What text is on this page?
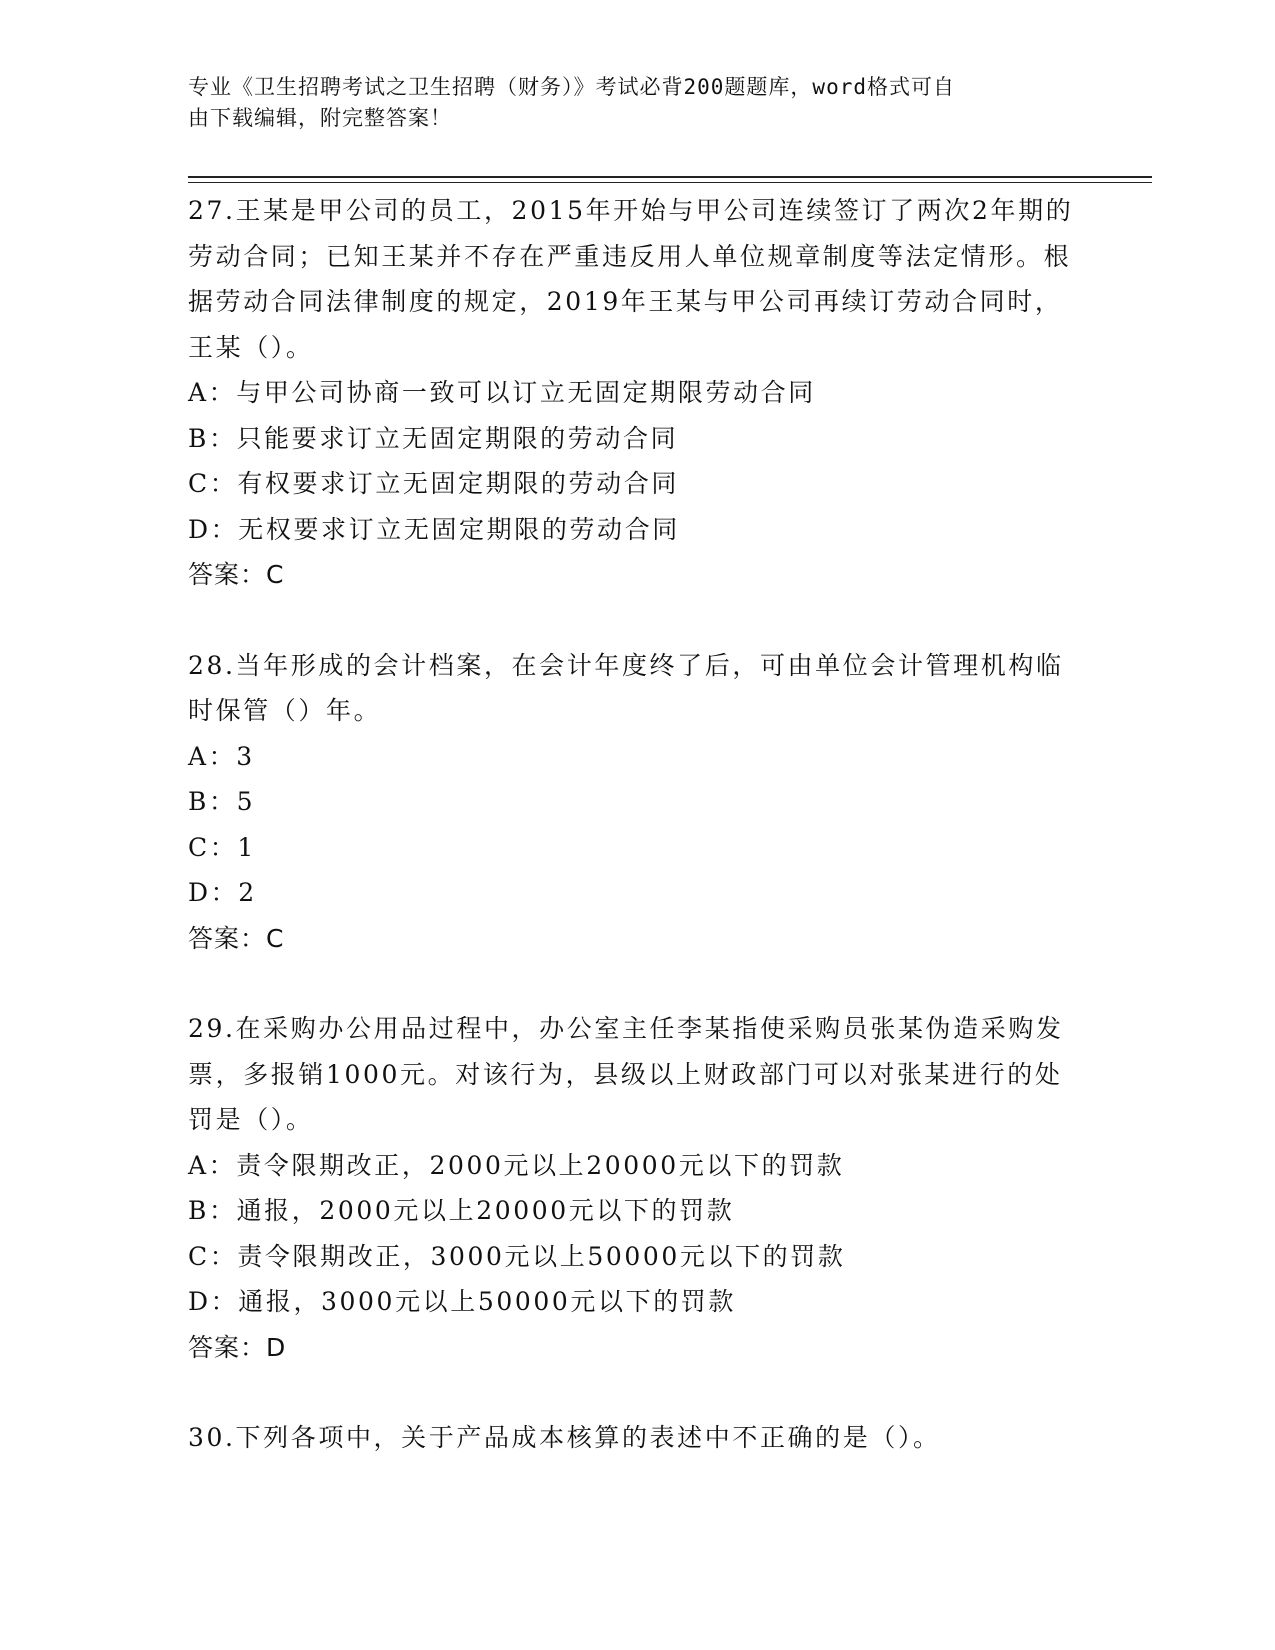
专业《卫生招聘考试之卫生招聘（财务）》考试必背200题题库，word格式可自
由下载编辑，附完整答案！
27.王某是甲公司的员工，2015年开始与甲公司连续签订了两次2年期的劳动合同；已知王某并不存在严重违反用人单位规章制度等法定情形。根据劳动合同法律制度的规定，2019年王某与甲公司再续订劳动合同时，王某（）。
A：与甲公司协商一致可以订立无固定期限劳动合同
B：只能要求订立无固定期限的劳动合同
C：有权要求订立无固定期限的劳动合同
D：无权要求订立无固定期限的劳动合同
答案：C
28.当年形成的会计档案，在会计年度终了后，可由单位会计管理机构临时保管（）年。
A：3
B：5
C：1
D：2
答案：C
29.在采购办公用品过程中，办公室主任李某指使采购员张某伪造采购发票，多报销1000元。对该行为，县级以上财政部门可以对张某进行的处罚是（）。
A：责令限期改正，2000元以上20000元以下的罚款
B：通报，2000元以上20000元以下的罚款
C：责令限期改正，3000元以上50000元以下的罚款
D：通报，3000元以上50000元以下的罚款
答案：D
30.下列各项中，关于产品成本核算的表述中不正确的是（）。
